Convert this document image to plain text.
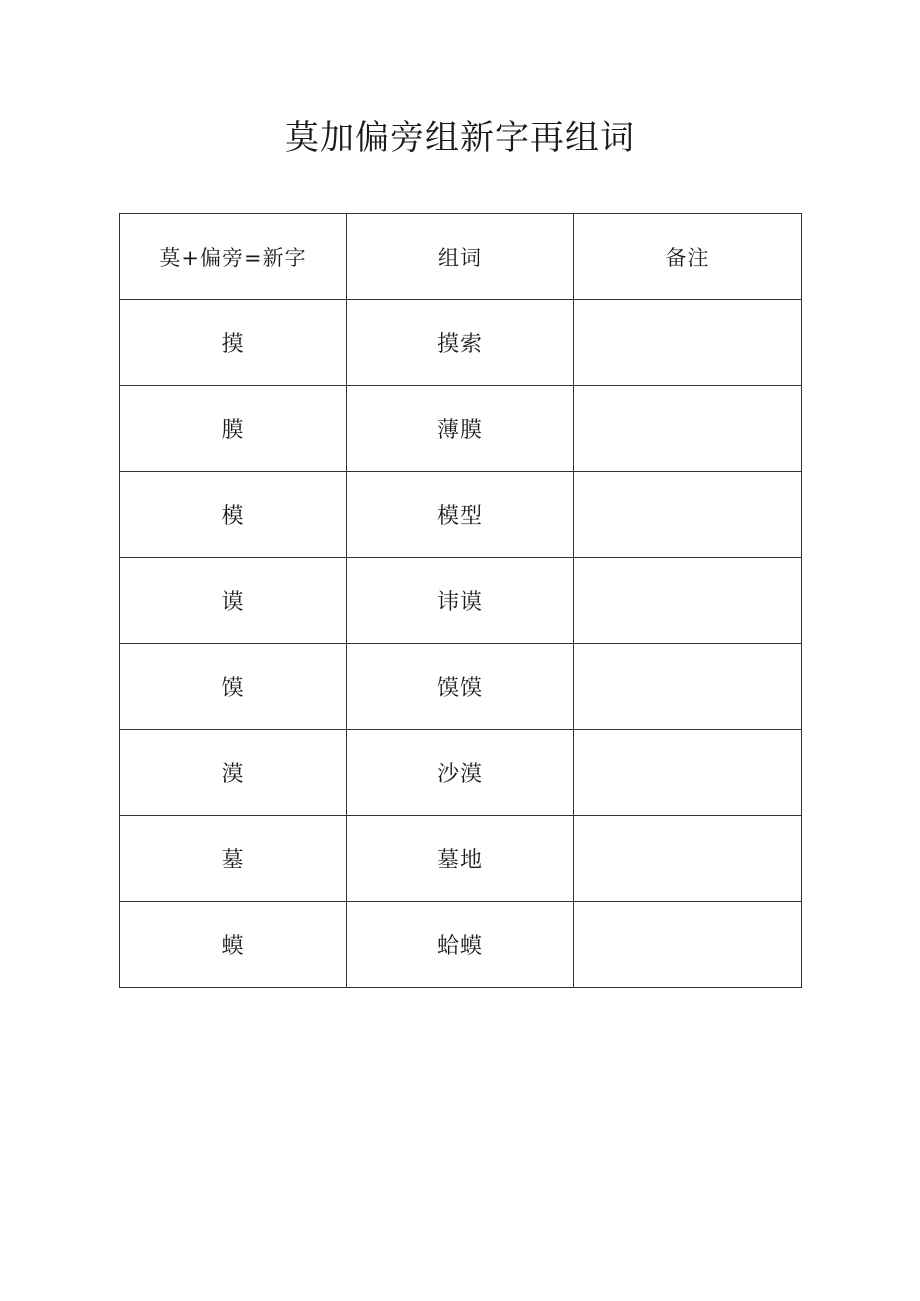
莫加偏旁组新字再组词
莫+偏旁=新字	组词	备注
摸	摸索	
膜	薄膜	
模	模型	
谟	讳谟	
馍	馍馍	
漠	沙漠	
墓	墓地	
蟆	蛤蟆	
